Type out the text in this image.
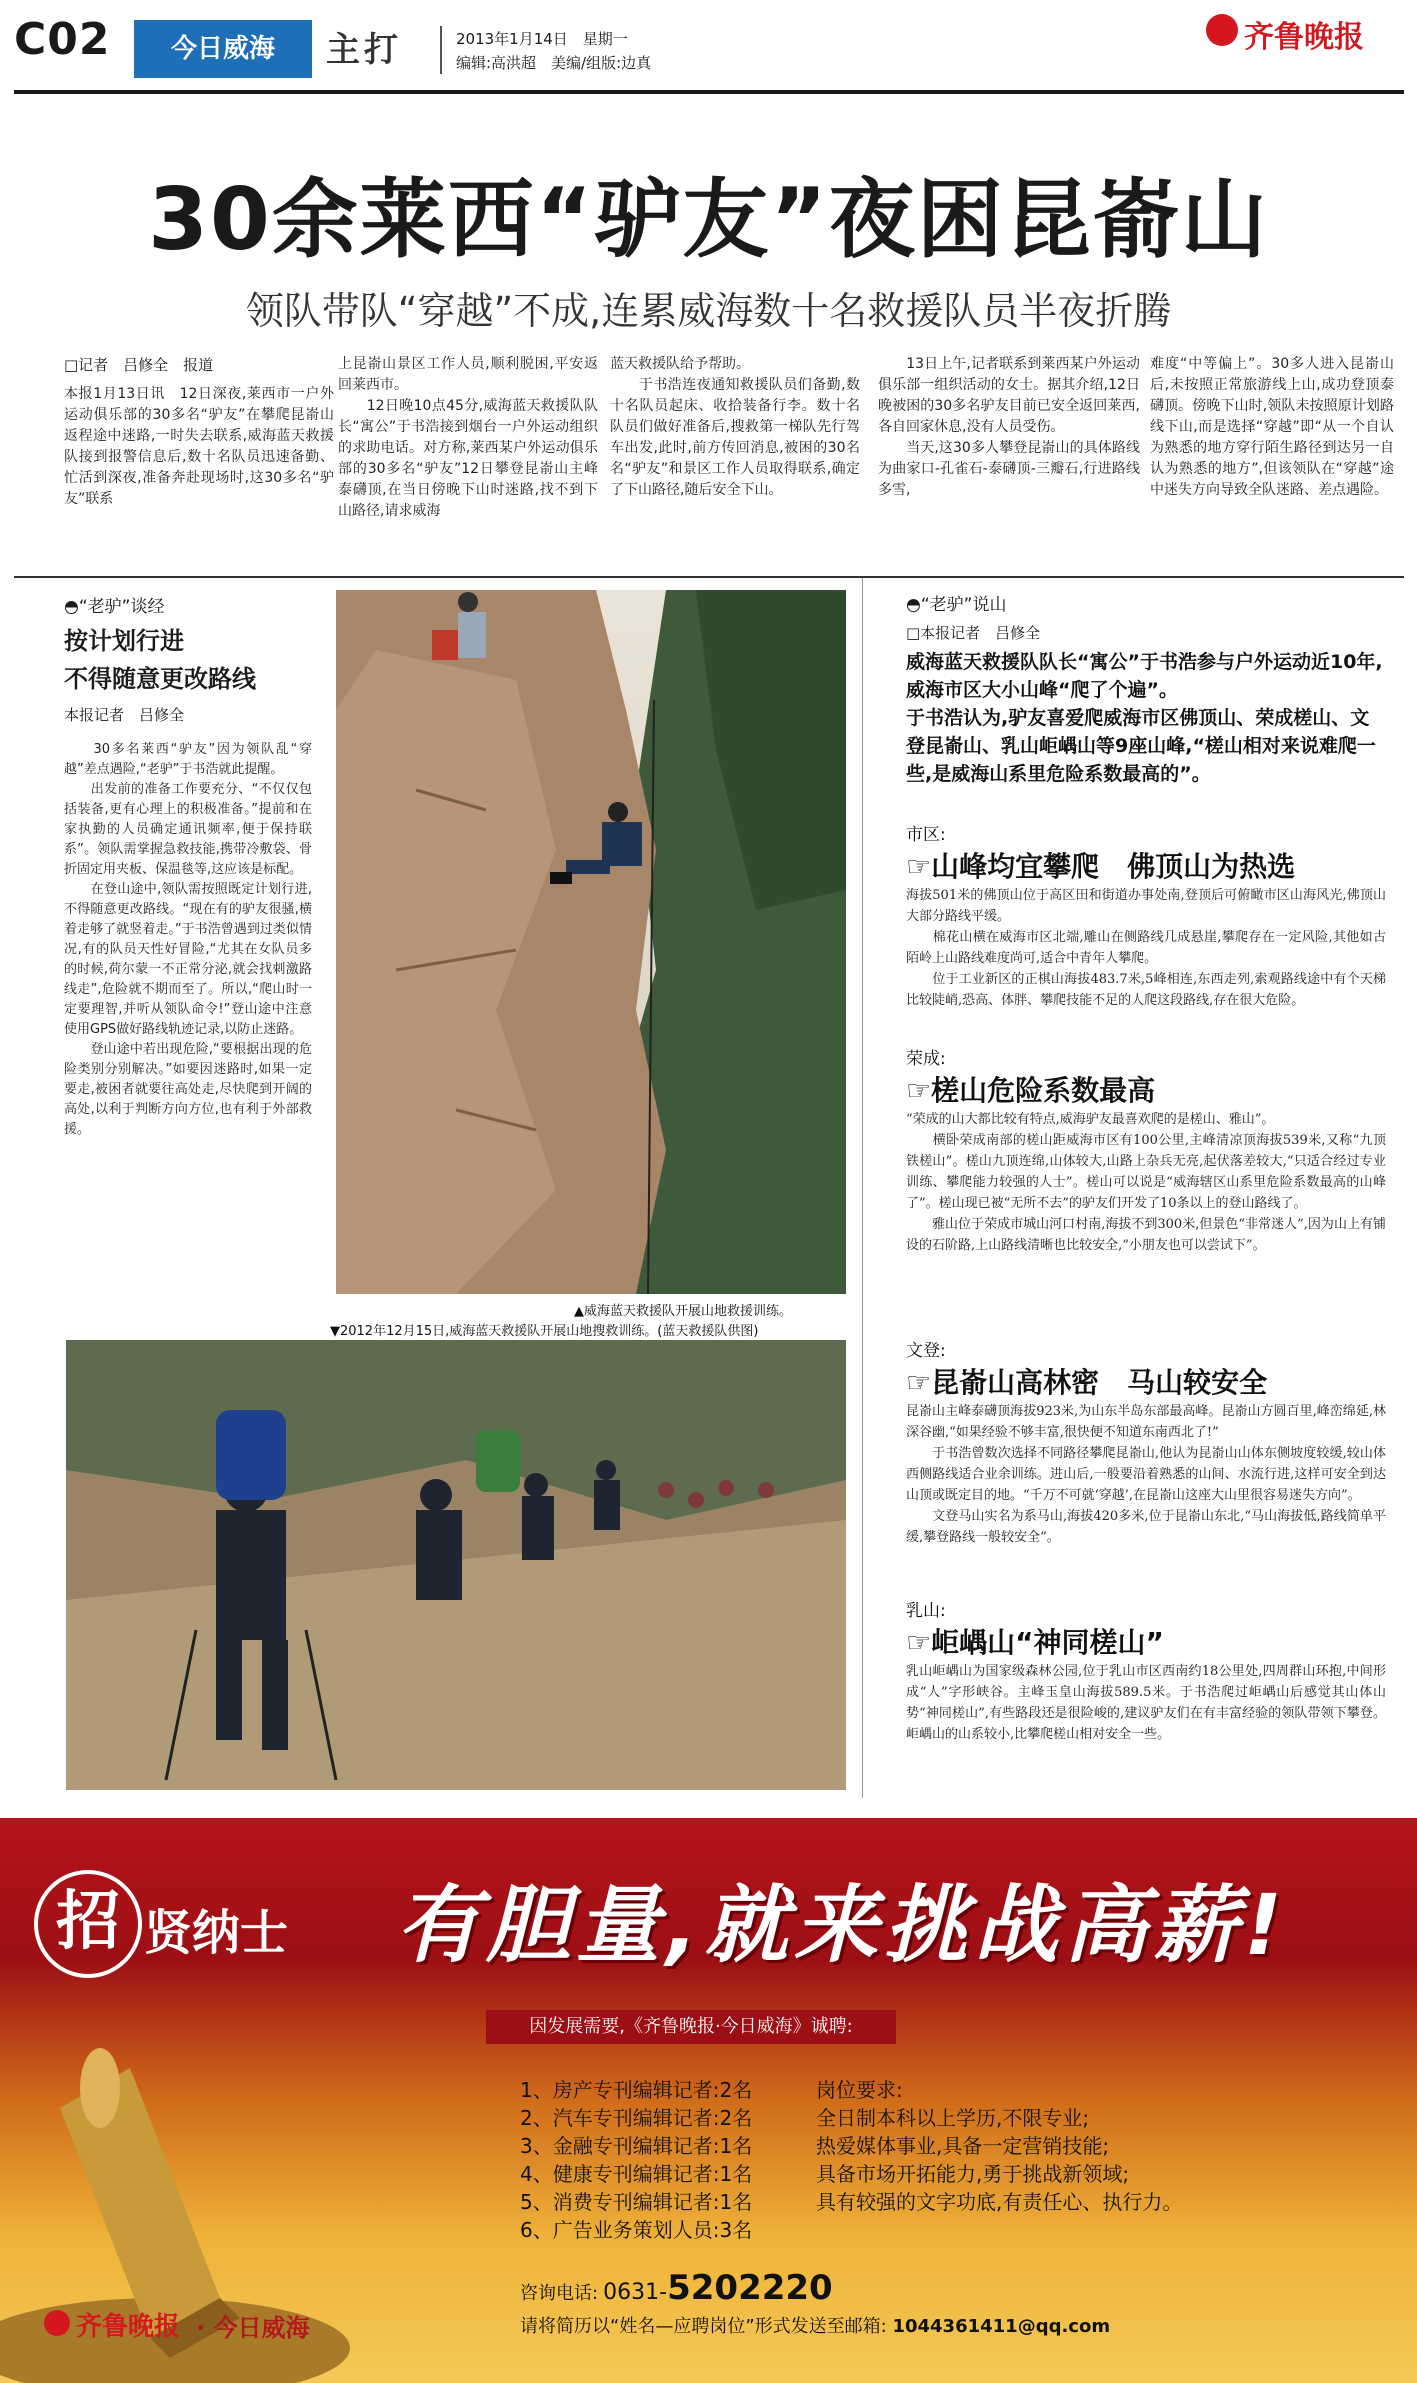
C02	今日威海	主打	2013年1月14日　星期一
编辑:高洪超　美编/组版:边真
齐鲁晚报
30余莱西“驴友”夜困昆嵛山
领队带队“穿越”不成,连累威海数十名救援队员半夜折腾
□记者　吕修全　报道
本报1月13日讯　12日深夜,莱西市一户外运动俱乐部的30多名“驴友”在攀爬昆嵛山返程途中迷路,一时失去联系,威海蓝天救援队接到报警信息后,数十名队员迅速备勤、忙活到深夜,准备奔赴现场时,这30多名“驴友”联系
上昆嵛山景区工作人员,顺利脱困,平安返回莱西市。
　　12日晚10点45分,威海蓝天救援队队长“寓公”于书浩接到烟台一户外运动组织的求助电话。对方称,莱西某户外运动俱乐部的30多名“驴友”12日攀登昆嵛山主峰泰礴顶,在当日傍晚下山时迷路,找不到下山路径,请求威海
蓝天救援队给予帮助。
　　于书浩连夜通知救援队员们备勤,数十名队员起床、收拾装备行李。数十名队员们做好准备后,搜救第一梯队先行驾车出发,此时,前方传回消息,被困的30名名“驴友”和景区工作人员取得联系,确定了下山路径,随后安全下山。
　　13日上午,记者联系到莱西某户外运动俱乐部一组织活动的女士。据其介绍,12日晚被困的30多名驴友目前已安全返回莱西,各自回家休息,没有人员受伤。
　　当天,这30多人攀登昆嵛山的具体路线为曲家口-孔雀石-泰礴顶-三瓣石,行进路线多雪,
难度“中等偏上”。30多人进入昆嵛山后,未按照正常旅游线上山,成功登顶泰礴顶。傍晚下山时,领队未按照原计划路线下山,而是选择“穿越”即“从一个自认为熟悉的地方穿行陌生路径到达另一自认为熟悉的地方”,但该领队在“穿越”途中迷失方向导致全队迷路、差点遇险。
◓“老驴”谈经
按计划行进
不得随意更改路线
本报记者　吕修全
　　30多名莱西“驴友”因为领队乱“穿越”差点遇险,“老驴”于书浩就此提醒。
　　出发前的准备工作要充分、“不仅仅包括装备,更有心理上的积极准备。”提前和在家执勤的人员确定通讯频率,便于保持联系”。领队需掌握急救技能,携带冷敷袋、骨折固定用夹板、保温毯等,这应该是标配。
　　在登山途中,领队需按照既定计划行进,不得随意更改路线。“现在有的驴友很骚,横着走够了就竖着走。”于书浩曾遇到过类似情况,有的队员天性好冒险,“尤其在女队员多的时候,荷尔蒙一不正常分泌,就会找刺激路线走”,危险就不期而至了。所以,“爬山时一定要理智,并听从领队命令!”登山途中注意使用GPS做好路线轨迹记录,以防止迷路。
　　登山途中若出现危险,“要根据出现的危险类别分别解决。”如要因迷路时,如果一定要走,被困者就要往高处走,尽快爬到开阔的高处,以利于判断方向方位,也有利于外部救援。
▲威海蓝天救援队开展山地救援训练。
▼2012年12月15日,威海蓝天救援队开展山地搜救训练。(蓝天救援队供图)
◓“老驴”说山
□本报记者　吕修全
威海蓝天救援队队长“寓公”于书浩参与户外运动近10年,威海市区大小山峰“爬了个遍”。
于书浩认为,驴友喜爱爬威海市区佛顶山、荣成槎山、文登昆嵛山、乳山岠嵎山等9座山峰,“槎山相对来说难爬一些,是威海山系里危险系数最高的”。
市区:
☞山峰均宜攀爬　佛顶山为热选
海拔501米的佛顶山位于高区田和街道办事处南,登顶后可俯瞰市区山海风光,佛顶山大部分路线平缓。
　　棉花山横在威海市区北端,雕山在侧路线几成悬崖,攀爬存在一定风险,其他如古陌岭上山路线难度尚可,适合中青年人攀爬。
　　位于工业新区的正棋山海拔483.7米,5峰相连,东西走列,索观路线途中有个天梯比较陡峭,恐高、体胖、攀爬技能不足的人爬这段路线,存在很大危险。
荣成:
☞槎山危险系数最高
“荣成的山大都比较有特点,威海驴友最喜欢爬的是槎山、雅山”。
　　横卧荣成南部的槎山距威海市区有100公里,主峰清凉顶海拔539米,又称“九顶铁槎山”。槎山九顶连绵,山体较大,山路上杂兵无亮,起伏落差较大,“只适合经过专业训练、攀爬能力较强的人士”。槎山可以说是“威海辖区山系里危险系数最高的山峰了”。槎山现已被“无所不去”的驴友们开发了10条以上的登山路线了。
　　雅山位于荣成市城山河口村南,海拔不到300米,但景色“非常迷人”,因为山上有铺设的石阶路,上山路线清晰也比较安全,“小朋友也可以尝试下”。
文登:
☞昆嵛山高林密　马山较安全
昆嵛山主峰泰礴顶海拔923米,为山东半岛东部最高峰。昆嵛山方圆百里,峰峦绵延,林深谷幽,“如果经验不够丰富,很快便不知道东南西北了!”
　　于书浩曾数次选择不同路径攀爬昆嵛山,他认为昆嵛山山体东侧坡度较缓,较山体西侧路线适合业余训练。进山后,一般要沿着熟悉的山间、水流行进,这样可安全到达山顶或既定目的地。“千万不可就‘穿越’,在昆嵛山这座大山里很容易迷失方向”。
　　文登马山实名为系马山,海拔420多米,位于昆嵛山东北,“马山海拔低,路线简单平缓,攀登路线一般较安全”。
乳山:
☞岠嵎山“神同槎山”
乳山岠嵎山为国家级森林公园,位于乳山市区西南约18公里处,四周群山环抱,中间形成“人”字形峡谷。主峰玉皇山海拔589.5米。于书浩爬过岠嵎山后感觉其山体山势“神同槎山”,有些路段还是很险峻的,建议驴友们在有丰富经验的领队带领下攀登。岠嵎山的山系较小,比攀爬槎山相对安全一些。
招 贤纳士 有胆量,就来挑战高薪!
因发展需要,《齐鲁晚报·今日威海》诚聘:
1、房产专刊编辑记者:2名
2、汽车专刊编辑记者:2名
3、金融专刊编辑记者:1名
4、健康专刊编辑记者:1名
5、消费专刊编辑记者:1名
6、广告业务策划人员:3名
岗位要求:
全日制本科以上学历,不限专业;
热爱媒体事业,具备一定营销技能;
具备市场开拓能力,勇于挑战新领域;
具有较强的文字功底,有责任心、执行力。
咨询电话: 0631-5202220
请将简历以“姓名—应聘岗位”形式发送至邮箱: 1044361411@qq.com
齐鲁晚报 · 今日威海
